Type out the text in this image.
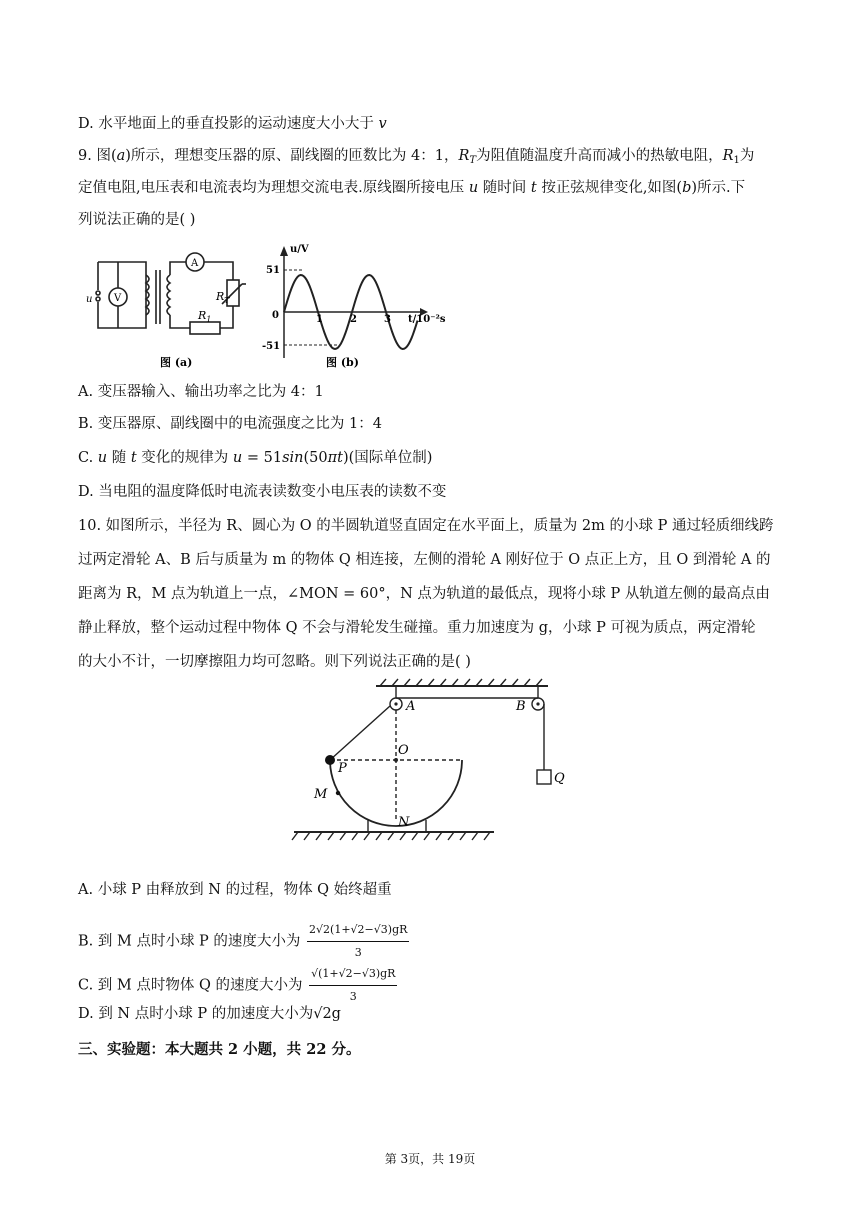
D. 水平地面上的垂直投影的运动速度大小大于 v
9. 图(a)所示，理想变压器的原、副线圈的匝数比为 4：1，$R_T$为阻值随温度升高而减小的热敏电阻，$R_1$为
定值电阻,电压表和电流表均为理想交流电表.原线圈所接电压 u 随时间 t 按正弦规律变化,如图(b)所示.下
列说法正确的是( )
u V
A
$R_T$
$R_1$
图 (a)
u/V
51
-51
0	1	2	3 t/10⁻²s
图 (b)
A. 变压器输入、输出功率之比为 4：1
B. 变压器原、副线圈中的电流强度之比为 1：4
C. u 随 t 变化的规律为 u = 51sin(50πt)(国际单位制)
D. 当电阻的温度降低时电流表读数变小电压表的读数不变
10. 如图所示，半径为 R、圆心为 O 的半圆轨道竖直固定在水平面上，质量为 2m 的小球 P 通过轻质细线跨
过两定滑轮 A、B 后与质量为 m 的物体 Q 相连接，左侧的滑轮 A 刚好位于 O 点正上方，且 O 到滑轮 A 的
距离为 R，M 点为轨道上一点，∠MON = 60°，N 点为轨道的最低点，现将小球 P 从轨道左侧的最高点由
静止释放，整个运动过程中物体 Q 不会与滑轮发生碰撞。重力加速度为 g，小球 P 可视为质点，两定滑轮
的大小不计，一切摩擦阻力均可忽略。则下列说法正确的是( )
A	B
O
P
M
N
Q
A. 小球 P 由释放到 N 的过程，物体 Q 始终超重
B. 到 M 点时小球 P 的速度大小为 $\frac{2√2(1+√2-√3)gR}{3}$
C. 到 M 点时物体 Q 的速度大小为 $\frac{√(1+√2-√3)gR}{3}$
D. 到 N 点时小球 P 的加速度大小为√2g
三、实验题：本大题共 2 小题，共 22 分。
第 3页，共 19页
